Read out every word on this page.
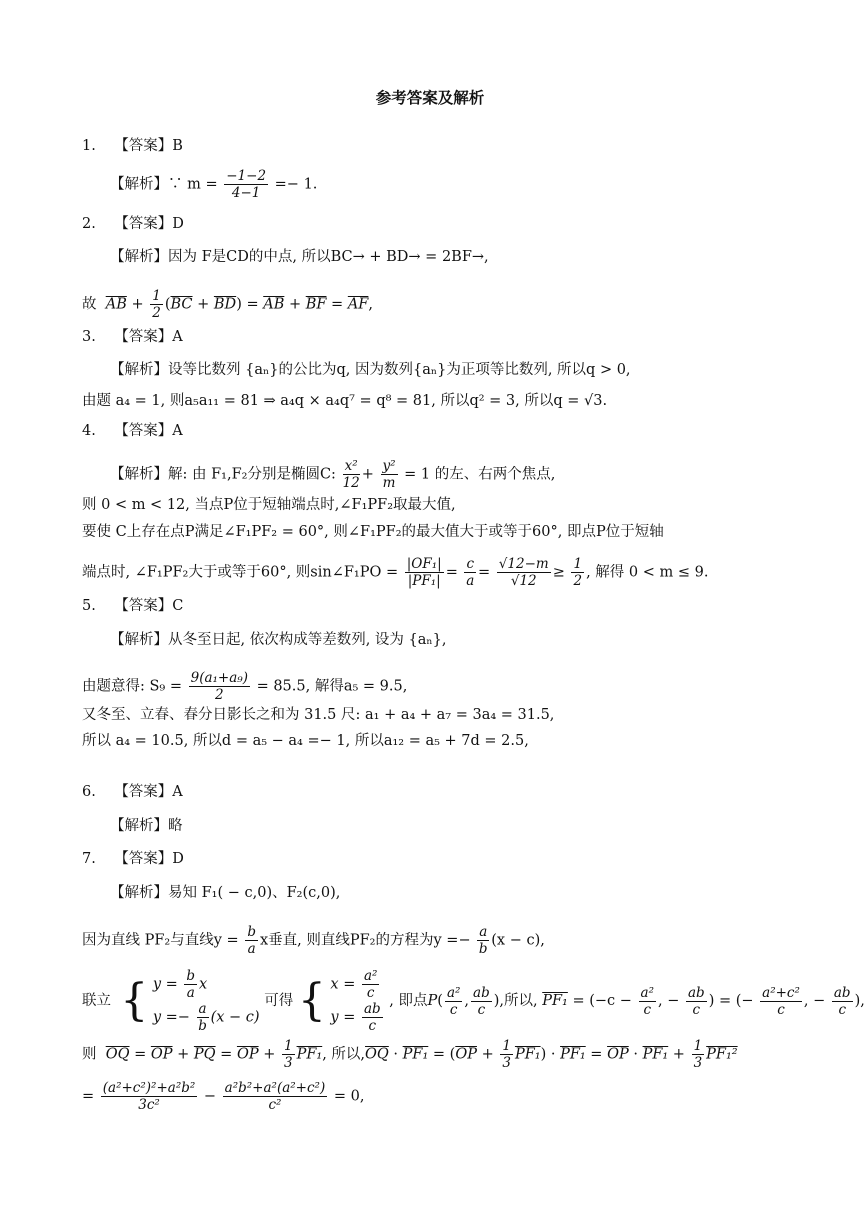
参考答案及解析
1. 【答案】B
【解析】∵ $m = \frac{-1-2}{4-1} =- 1$.
2. 【答案】D
【解析】因为 F是CD的中点, 所以BC→ + BD→ = 2BF→,
故 $\overline{AB} + \frac{1}{2} (\overline{BC} + \overline{BD}) = \overline{AB} + \overline{BF} = \overline{AF}$,
3. 【答案】A
【解析】设等比数列 {aₙ}的公比为q, 因为数列{aₙ}为正项等比数列, 所以q > 0,
由题 a₄ = 1, 则a₅a₁₁ = 81 ⇒ a₄q × a₄q⁷ = q⁸ = 81, 所以q² = 3, 所以q = √3.
4. 【答案】A
【解析】解: 由 F₁,F₂分别是椭圆C: $\frac{\text{x²}}{12} + \frac{\text{y²}}{m} = 1$ 的左、右两个焦点,
则 0 < m < 12, 当点P位于短轴端点时,∠F₁PF₂取最大值,
要使 C上存在点P满足∠F₁PF₂ = 60°, 则∠F₁PF₂的最大值大于或等于60°, 即点P位于短轴
端点时, ∠F₁PF₂大于或等于60°, 则sin∠F₁PO = $\frac{\text{|OF₁|}}{\text{|PF₁|}} = \frac{c}{a} = \frac{√12-m}{√12} \ge \frac{1}{2}$ , 解得 0 < m ≤ 9.
5. 【答案】C
【解析】从冬至日起, 依次构成等差数列, 设为 {aₙ},
由题意得: $S_9 = \frac{\text{9(a₁+a₉)}}{2} = 85.5$, 解得a₅ = 9.5,
又冬至、立春、春分日影长之和为 31.5 尺: a₁ + a₄ + a₇ = 3a₄ = 31.5,
所以 a₄ = 10.5, 所以d = a₅ − a₄ =− 1, 所以a₁₂ = a₅ + 7d = 2.5,
6. 【答案】A
【解析】略
7. 【答案】D
【解析】易知 F₁( − c,0)、F₂(c,0),
因为直线 PF₂与直线$y = \frac{b}{a}$ x垂直, 则直线PF₂的方程为$y =- \frac{a}{b} (x - c)$,
联立 { $y = \frac{b}{a}$ x
$y =- \frac{a}{b} (x - c)$
可得 { $x = \frac{\text{a²}}{c}$
$y = \frac{ab}{c}$ , 即点$P( \frac{\text{a²}}{c}$ , $\frac{ab}{c}$ ),所以, $PF_1 = (-c - \frac{\text{a²}}{c}$ , − $\frac{ab}{c}$ ) = (− $\frac{\text{a²+c²}}{c}$ , − $\frac{ab}{c}$ ),
则 $\overline{OQ} = \overline{OP} + \overline{PQ} = \overline{OP} + \frac{1}{3} PF_1$, 所以$,\overline{OQ} \cdot PF_1 = (\overline{OP} + \frac{1}{3} PF_1) \cdot PF_1 = \overline{OP} \cdot PF_1 + \frac{1}{3} PF_1^2$
= $\frac{\text{(a²+c²)²+a²b²}}{\text{3c²}} - \frac{\text{a²b²+a²(a²+c²)}}{\text{c²}} = 0$,
